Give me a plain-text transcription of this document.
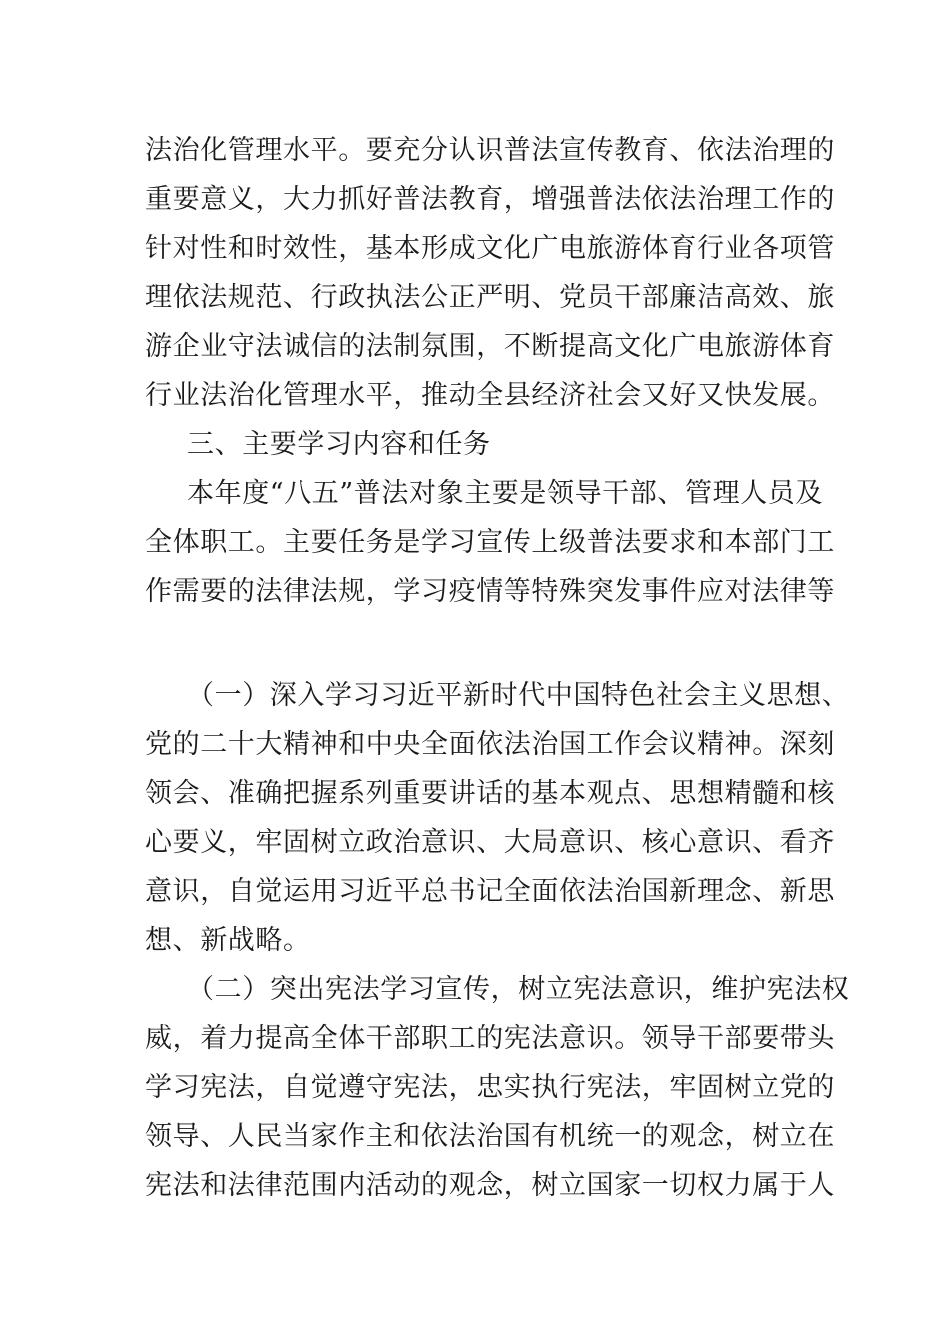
法治化管理水平。要充分认识普法宣传教育、依法治理的
重要意义，大力抓好普法教育，增强普法依法治理工作的
针对性和时效性，基本形成文化广电旅游体育行业各项管
理依法规范、行政执法公正严明、党员干部廉洁高效、旅
游企业守法诚信的法制氛围，不断提高文化广电旅游体育
行业法治化管理水平，推动全县经济社会又好又快发展。
三、主要学习内容和任务
本年度“八五”普法对象主要是领导干部、管理人员及
全体职工。主要任务是学习宣传上级普法要求和本部门工
作需要的法律法规，学习疫情等特殊突发事件应对法律等
（一）深入学习习近平新时代中国特色社会主义思想、
党的二十大精神和中央全面依法治国工作会议精神。深刻
领会、准确把握系列重要讲话的基本观点、思想精髓和核
心要义，牢固树立政治意识、大局意识、核心意识、看齐
意识，自觉运用习近平总书记全面依法治国新理念、新思
想、新战略。
（二）突出宪法学习宣传，树立宪法意识，维护宪法权
威，着力提高全体干部职工的宪法意识。领导干部要带头
学习宪法，自觉遵守宪法，忠实执行宪法，牢固树立党的
领导、人民当家作主和依法治国有机统一的观念，树立在
宪法和法律范围内活动的观念，树立国家一切权力属于人
